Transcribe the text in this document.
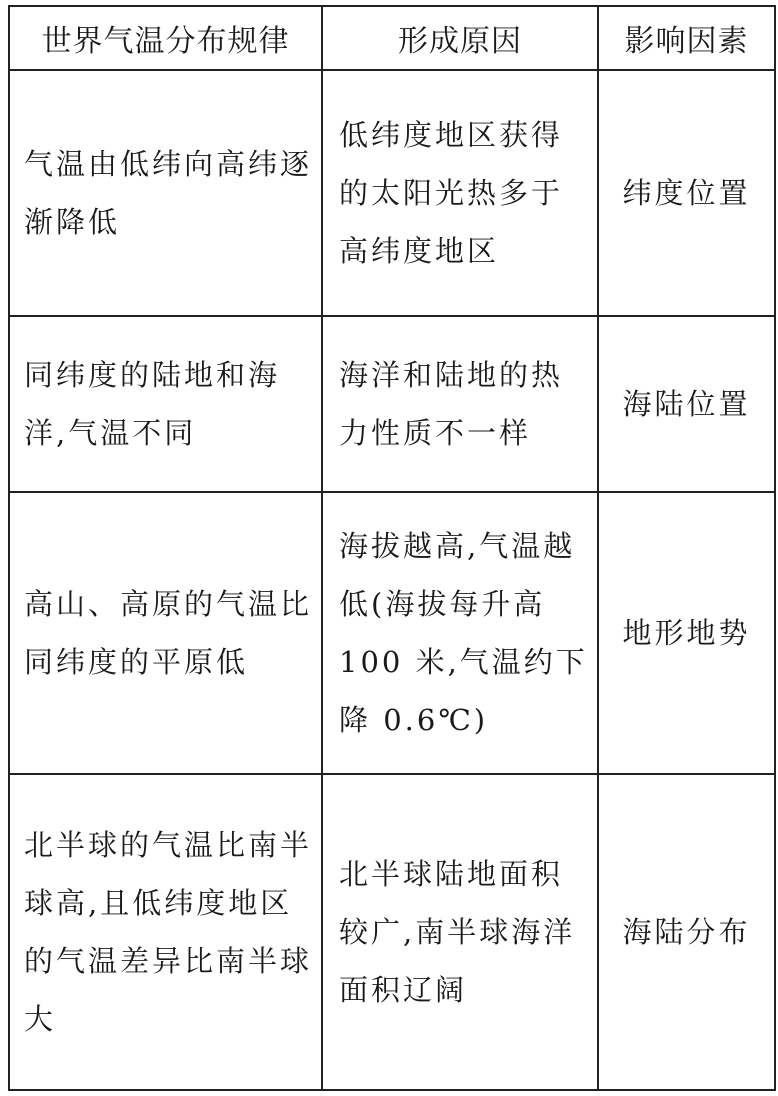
世界气温分布规律	形成原因	影响因素

气温由低纬向高纬逐渐降低	低纬度地区获得的太阳光热多于高纬度地区	纬度位置

同纬度的陆地和海洋,气温不同	海洋和陆地的热力性质不一样	海陆位置

高山、高原的气温比同纬度的平原低	海拔越高,气温越低(海拔每升高 100 米,气温约下降 0.6℃)	地形地势

北半球的气温比南半球高,且低纬度地区的气温差异比南半球大	北半球陆地面积较广,南半球海洋面积辽阔	海陆分布
